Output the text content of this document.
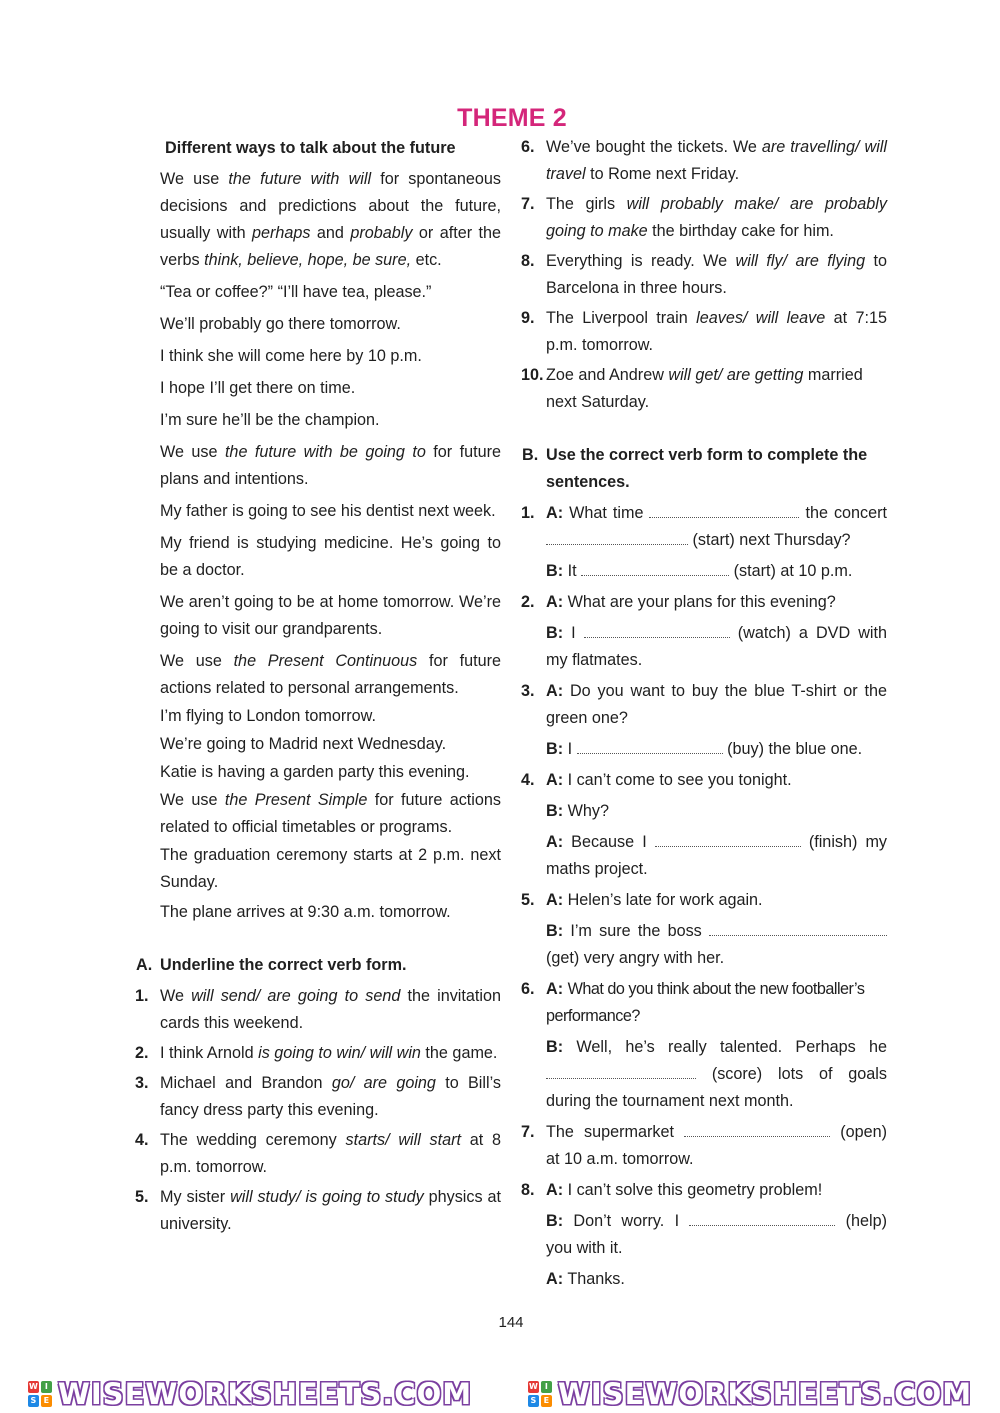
THEME 2
Different ways to talk about the future
We use the future with will for spontaneous decisions and predictions about the future, usually with perhaps and probably or after the verbs think, believe, hope, be sure, etc.
“Tea or coffee?” “I’ll have tea, please.”
We’ll probably go there tomorrow.
I think she will come here by 10 p.m.
I hope I’ll get there on time.
I’m sure he’ll be the champion.
We use the future with be going to for future plans and intentions.
My father is going to see his dentist next week.
My friend is studying medicine. He’s going to be a doctor.
We aren’t going to be at home tomorrow. We’re going to visit our grandparents.
We use the Present Continuous for future actions related to personal arrangements.
I’m flying to London tomorrow.
We’re going to Madrid next Wednesday.
Katie is having a garden party this evening.
We use the Present Simple for future actions related to official timetables or programs.
The graduation ceremony starts at 2 p.m. next Sunday.
The plane arrives at 9:30 a.m. tomorrow.
A. Underline the correct verb form.
1. We will send/ are going to send the invitation cards this weekend.
2. I think Arnold is going to win/ will win the game.
3. Michael and Brandon go/ are going to Bill’s fancy dress party this evening.
4. The wedding ceremony starts/ will start at 8 p.m. tomorrow.
5. My sister will study/ is going to study physics at university.
6. We’ve bought the tickets. We are travelling/ will travel to Rome next Friday.
7. The girls will probably make/ are probably going to make the birthday cake for him.
8. Everything is ready. We will fly/ are flying to Barcelona in three hours.
9. The Liverpool train leaves/ will leave at 7:15 p.m. tomorrow.
10. Zoe and Andrew will get/ are getting married next Saturday.
B. Use the correct verb form to complete the sentences.
1. A: What time	the concert  (start) next Thursday?
B: It	(start) at 10 p.m.
2. A: What are your plans for this evening?
B: I	(watch) a DVD with my flatmates.
3. A: Do you want to buy the blue T-shirt or the green one?
B: I	(buy) the blue one.
4. A: I can’t come to see you tonight.
B: Why?
A: Because I	(finish) my maths project.
5. A: Helen’s late for work again.
B: I’m sure the boss  (get) very angry with her.
6. A: What do you think about the new footballer’s performance?
B: Well, he’s really talented. Perhaps he  (score) lots of goals during the tournament next month.
7. The supermarket	(open) at 10 a.m. tomorrow.
8. A: I can’t solve this geometry problem!
B: Don’t worry. I	(help) you with it.
A: Thanks.
144
W I
S E WISEWORKSHEETS.COM	W I
S E WISEWORKSHEETS.COM
